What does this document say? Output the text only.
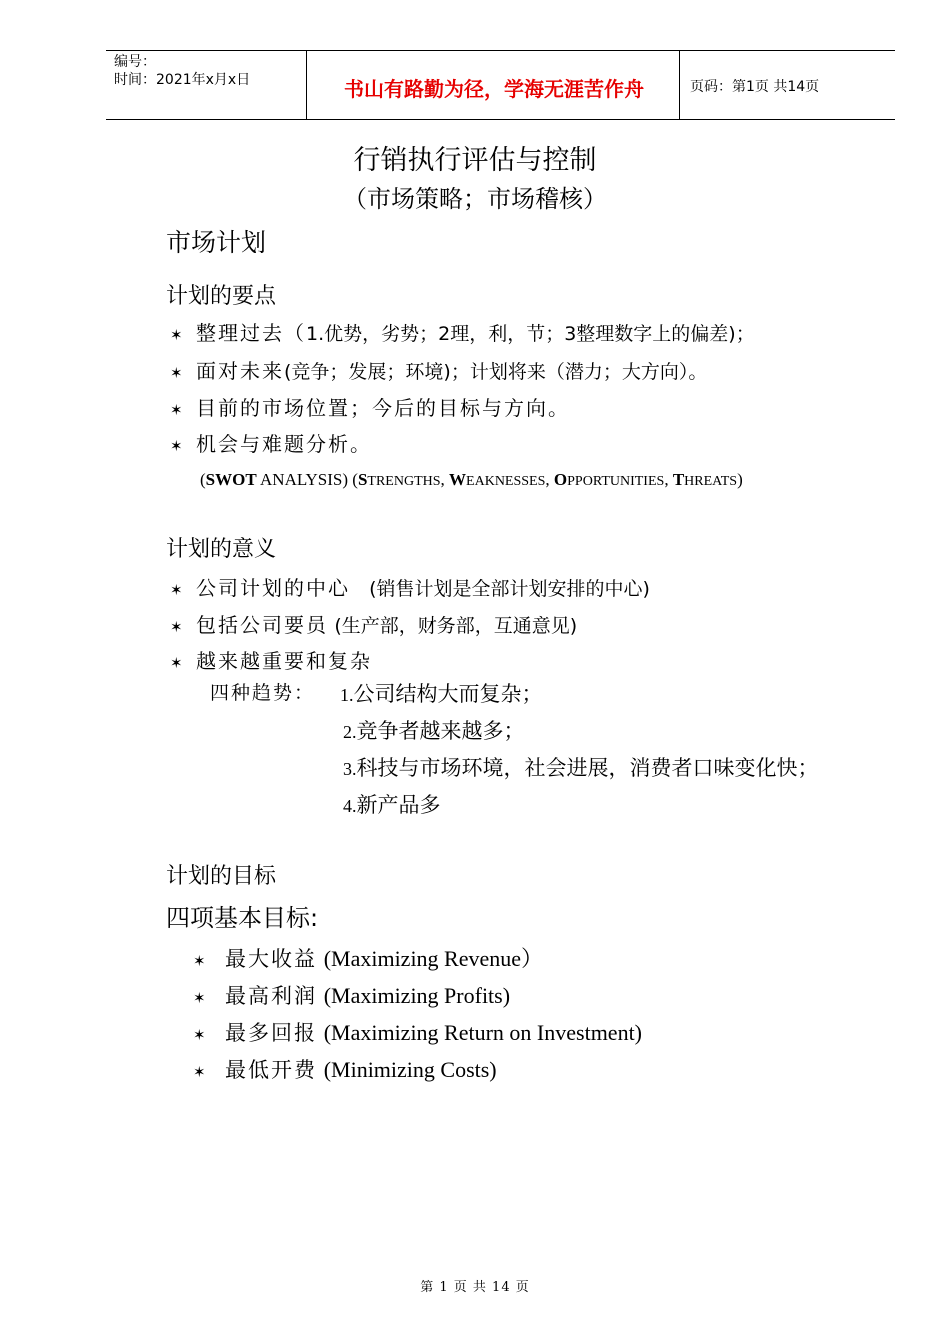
编号：
时间：2021年x月x日	书山有路勤为径，学海无涯苦作舟	页码：第1页 共14页
行销执行评估与控制
（市场策略；市场稽核）
市场计划
计划的要点
✶ 整理过去（1.优势，劣势；2理，利，节；3整理数字上的偏差)；
✶ 面对未来(竞争；发展；环境)；计划将来（潜力；大方向）。
✶ 目前的市场位置；今后的目标与方向。
✶ 机会与难题分析。
(SWOT ANALYSIS) (STRENGTHS, WEAKNESSES, OPPORTUNITIES, THREATS)
计划的意义
✶ 公司计划的中心 (销售计划是全部计划安排的中心)
✶ 包括公司要员 (生产部，财务部，互通意见)
✶ 越来越重要和复杂
四种趋势： 1.公司结构大而复杂；
2.竞争者越来越多；
3.科技与市场环境，社会进展，消费者口味变化快；
4.新产品多
计划的目标
四项基本目标:
✶ 最大收益 (Maximizing Revenue）
✶ 最高利润 (Maximizing Profits)
✶ 最多回报 (Maximizing Return on Investment)
✶ 最低开费 (Minimizing Costs)
第 1 页 共 14 页
